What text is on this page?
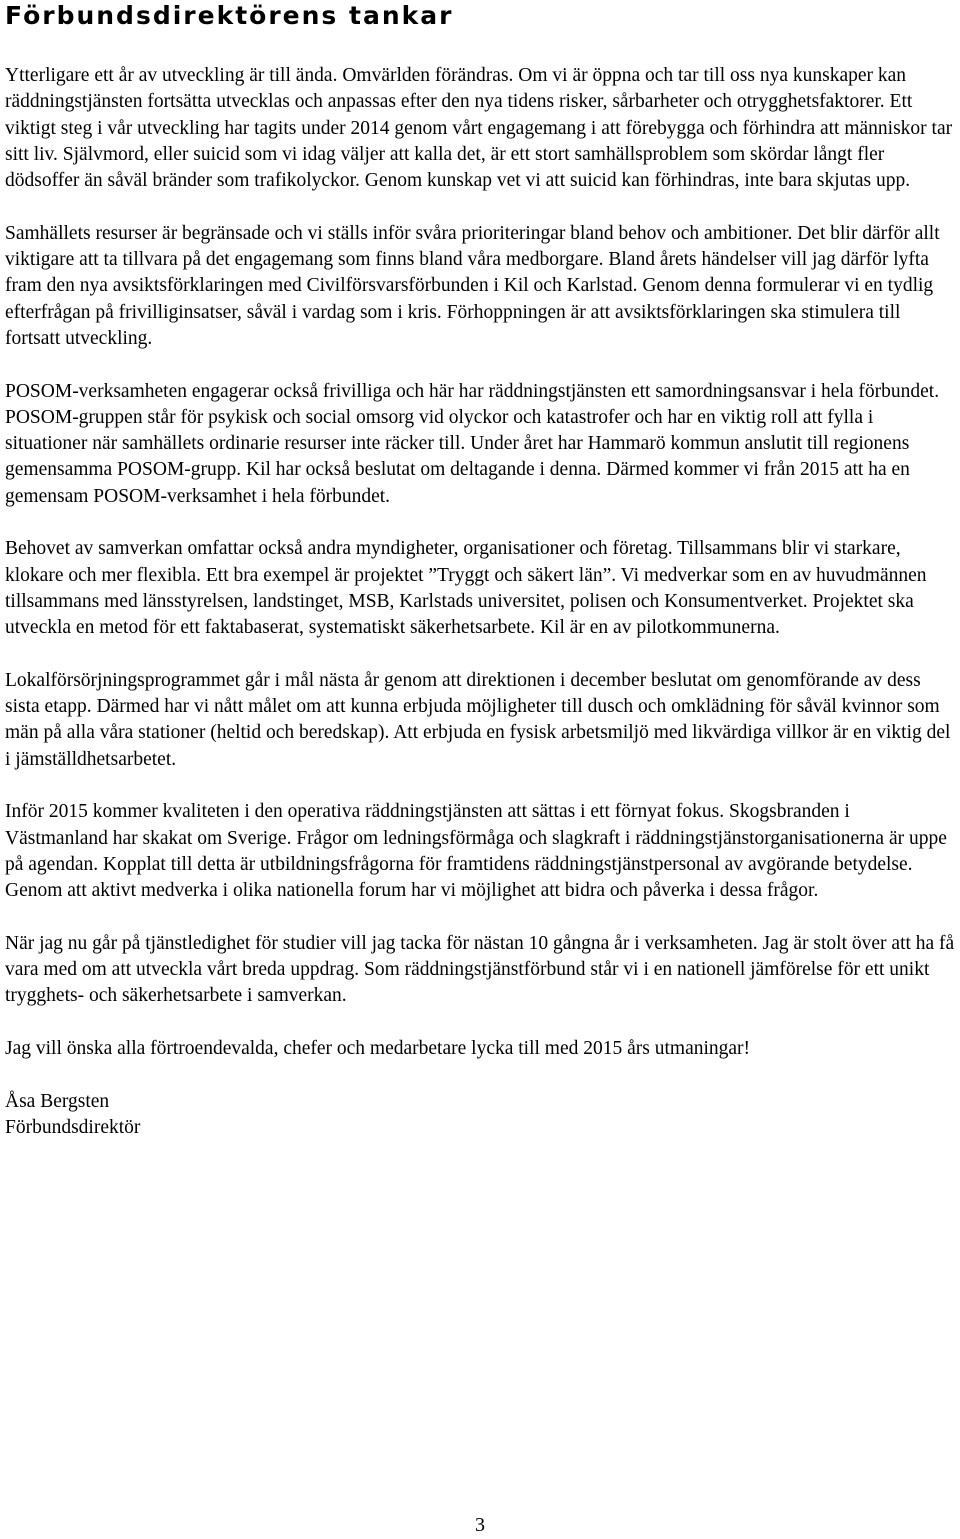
Förbundsdirektörens tankar

Ytterligare ett år av utveckling är till ända. Omvärlden förändras. Om vi är öppna och tar till oss nya kunskaper kan räddningstjänsten fortsätta utvecklas och anpassas efter den nya tidens risker, sårbarheter och otrygghetsfaktorer. Ett viktigt steg i vår utveckling har tagits under 2014 genom vårt engagemang i att förebygga och förhindra att människor tar sitt liv. Självmord, eller suicid som vi idag väljer att kalla det, är ett stort samhällsproblem som skördar långt fler dödsoffer än såväl bränder som trafikolyckor. Genom kunskap vet vi att suicid kan förhindras, inte bara skjutas upp.

Samhällets resurser är begränsade och vi ställs inför svåra prioriteringar bland behov och ambitioner. Det blir därför allt viktigare att ta tillvara på det engagemang som finns bland våra medborgare. Bland årets händelser vill jag därför lyfta fram den nya avsiktsförklaringen med Civilförsvarsförbunden i Kil och Karlstad. Genom denna formulerar vi en tydlig efterfrågan på frivilliginsatser, såväl i vardag som i kris. Förhoppningen är att avsiktsförklaringen ska stimulera till fortsatt utveckling.

POSOM-verksamheten engagerar också frivilliga och här har räddningstjänsten ett samordningsansvar i hela förbundet. POSOM-gruppen står för psykisk och social omsorg vid olyckor och katastrofer och har en viktig roll att fylla i situationer när samhällets ordinarie resurser inte räcker till. Under året har Hammarö kommun anslutit till regionens gemensamma POSOM-grupp. Kil har också beslutat om deltagande i denna. Därmed kommer vi från 2015 att ha en gemensam POSOM-verksamhet i hela förbundet.

Behovet av samverkan omfattar också andra myndigheter, organisationer och företag. Tillsammans blir vi starkare, klokare och mer flexibla. Ett bra exempel är projektet ”Tryggt och säkert län”. Vi medverkar som en av huvudmännen tillsammans med länsstyrelsen, landstinget, MSB, Karlstads universitet, polisen och Konsumentverket. Projektet ska utveckla en metod för ett faktabaserat, systematiskt säkerhetsarbete. Kil är en av pilotkommunerna.

Lokalförsörjningsprogrammet går i mål nästa år genom att direktionen i december beslutat om genomförande av dess sista etapp. Därmed har vi nått målet om att kunna erbjuda möjligheter till dusch och omklädning för såväl kvinnor som män på alla våra stationer (heltid och beredskap). Att erbjuda en fysisk arbetsmiljö med likvärdiga villkor är en viktig del i jämställdhetsarbetet.

Inför 2015 kommer kvaliteten i den operativa räddningstjänsten att sättas i ett förnyat fokus. Skogsbranden i Västmanland har skakat om Sverige. Frågor om ledningsförmåga och slagkraft i räddningstjänstorganisationerna är uppe på agendan. Kopplat till detta är utbildningsfrågorna för framtidens räddningstjänstpersonal av avgörande betydelse. Genom att aktivt medverka i olika nationella forum har vi möjlighet att bidra och påverka i dessa frågor.

När jag nu går på tjänstledighet för studier vill jag tacka för nästan 10 gångna år i verksamheten. Jag är stolt över att ha få vara med om att utveckla vårt breda uppdrag. Som räddningstjänstförbund står vi i en nationell jämförelse för ett unikt trygghets- och säkerhetsarbete i samverkan.

Jag vill önska alla förtroendevalda, chefer och medarbetare lycka till med 2015 års utmaningar!

Åsa Bergsten
Förbundsdirektör
3
